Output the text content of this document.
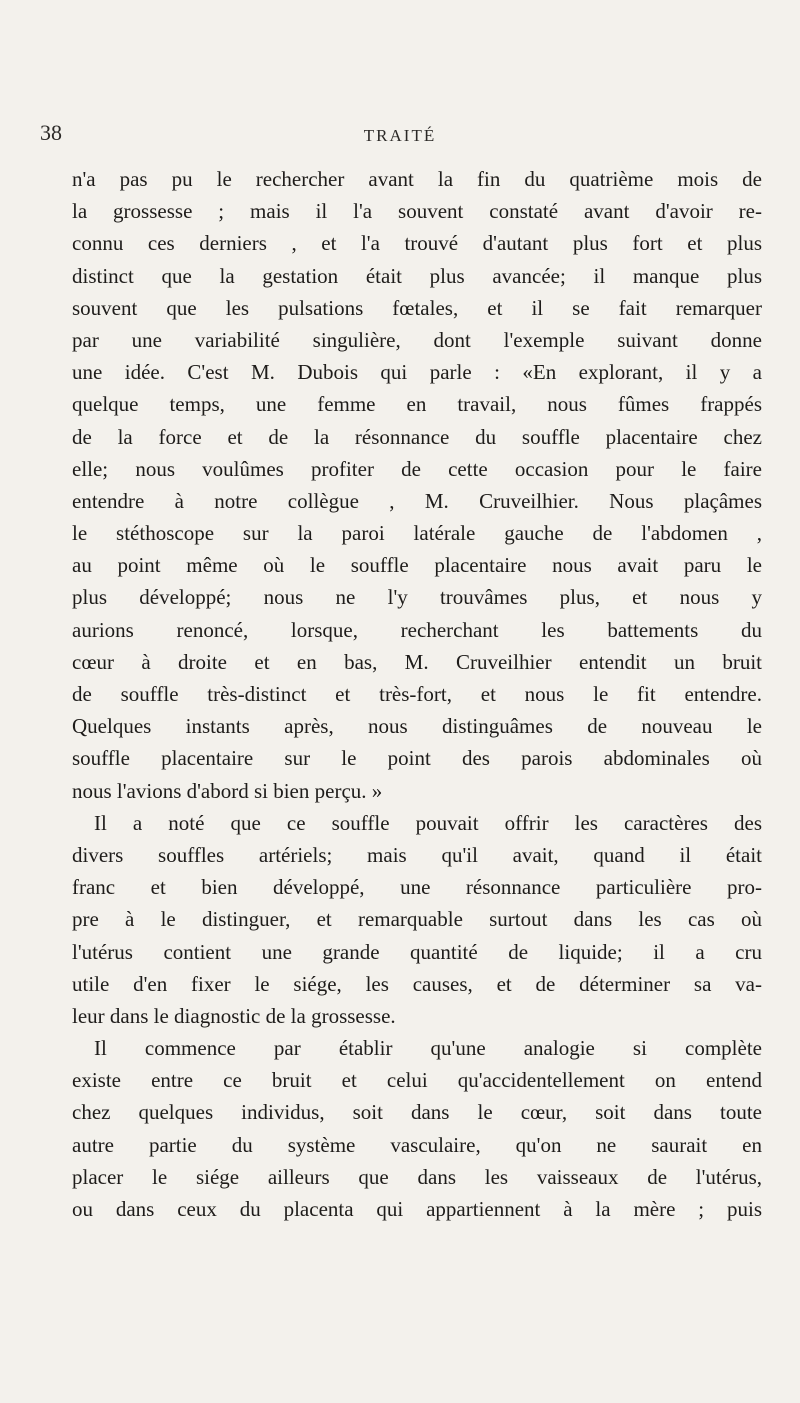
38	TRAITÉ
n'a pas pu le rechercher avant la fin du quatrième mois de
la grossesse ; mais il l'a souvent constaté avant d'avoir re-
connu ces derniers , et l'a trouvé d'autant plus fort et plus
distinct que la gestation était plus avancée; il manque plus
souvent que les pulsations fœtales, et il se fait remarquer
par une variabilité singulière, dont l'exemple suivant donne
une idée. C'est M. Dubois qui parle : «En explorant, il y a
quelque temps, une femme en travail, nous fûmes frappés
de la force et de la résonnance du souffle placentaire chez
elle; nous voulûmes profiter de cette occasion pour le faire
entendre à notre collègue , M. Cruveilhier. Nous plaçâmes
le stéthoscope sur la paroi latérale gauche de l'abdomen ,
au point même où le souffle placentaire nous avait paru le
plus développé; nous ne l'y trouvâmes plus, et nous y
aurions renoncé, lorsque, recherchant les battements du
cœur à droite et en bas, M. Cruveilhier entendit un bruit
de souffle très-distinct et très-fort, et nous le fit entendre.
Quelques instants après, nous distinguâmes de nouveau le
souffle placentaire sur le point des parois abdominales où
nous l'avions d'abord si bien perçu. »
Il a noté que ce souffle pouvait offrir les caractères des
divers souffles artériels; mais qu'il avait, quand il était
franc et bien développé, une résonnance particulière pro-
pre à le distinguer, et remarquable surtout dans les cas où
l'utérus contient une grande quantité de liquide; il a cru
utile d'en fixer le siége, les causes, et de déterminer sa va-
leur dans le diagnostic de la grossesse.
Il commence par établir qu'une analogie si complète
existe entre ce bruit et celui qu'accidentellement on entend
chez quelques individus, soit dans le cœur, soit dans toute
autre partie du système vasculaire, qu'on ne saurait en
placer le siége ailleurs que dans les vaisseaux de l'utérus,
ou dans ceux du placenta qui appartiennent à la mère ; puis
